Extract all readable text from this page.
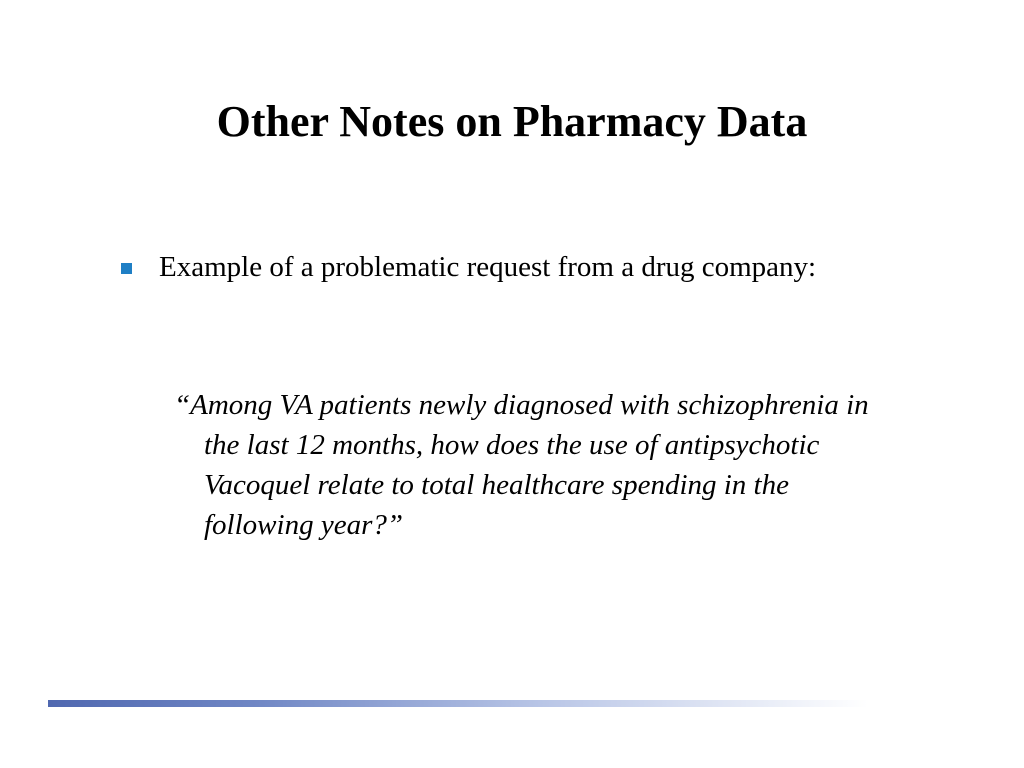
Other Notes on Pharmacy Data
Example of a problematic request from a drug company:
“Among VA patients newly diagnosed with schizophrenia in the last 12 months, how does the use of antipsychotic Vacoquel relate to total healthcare spending in the following year?”
